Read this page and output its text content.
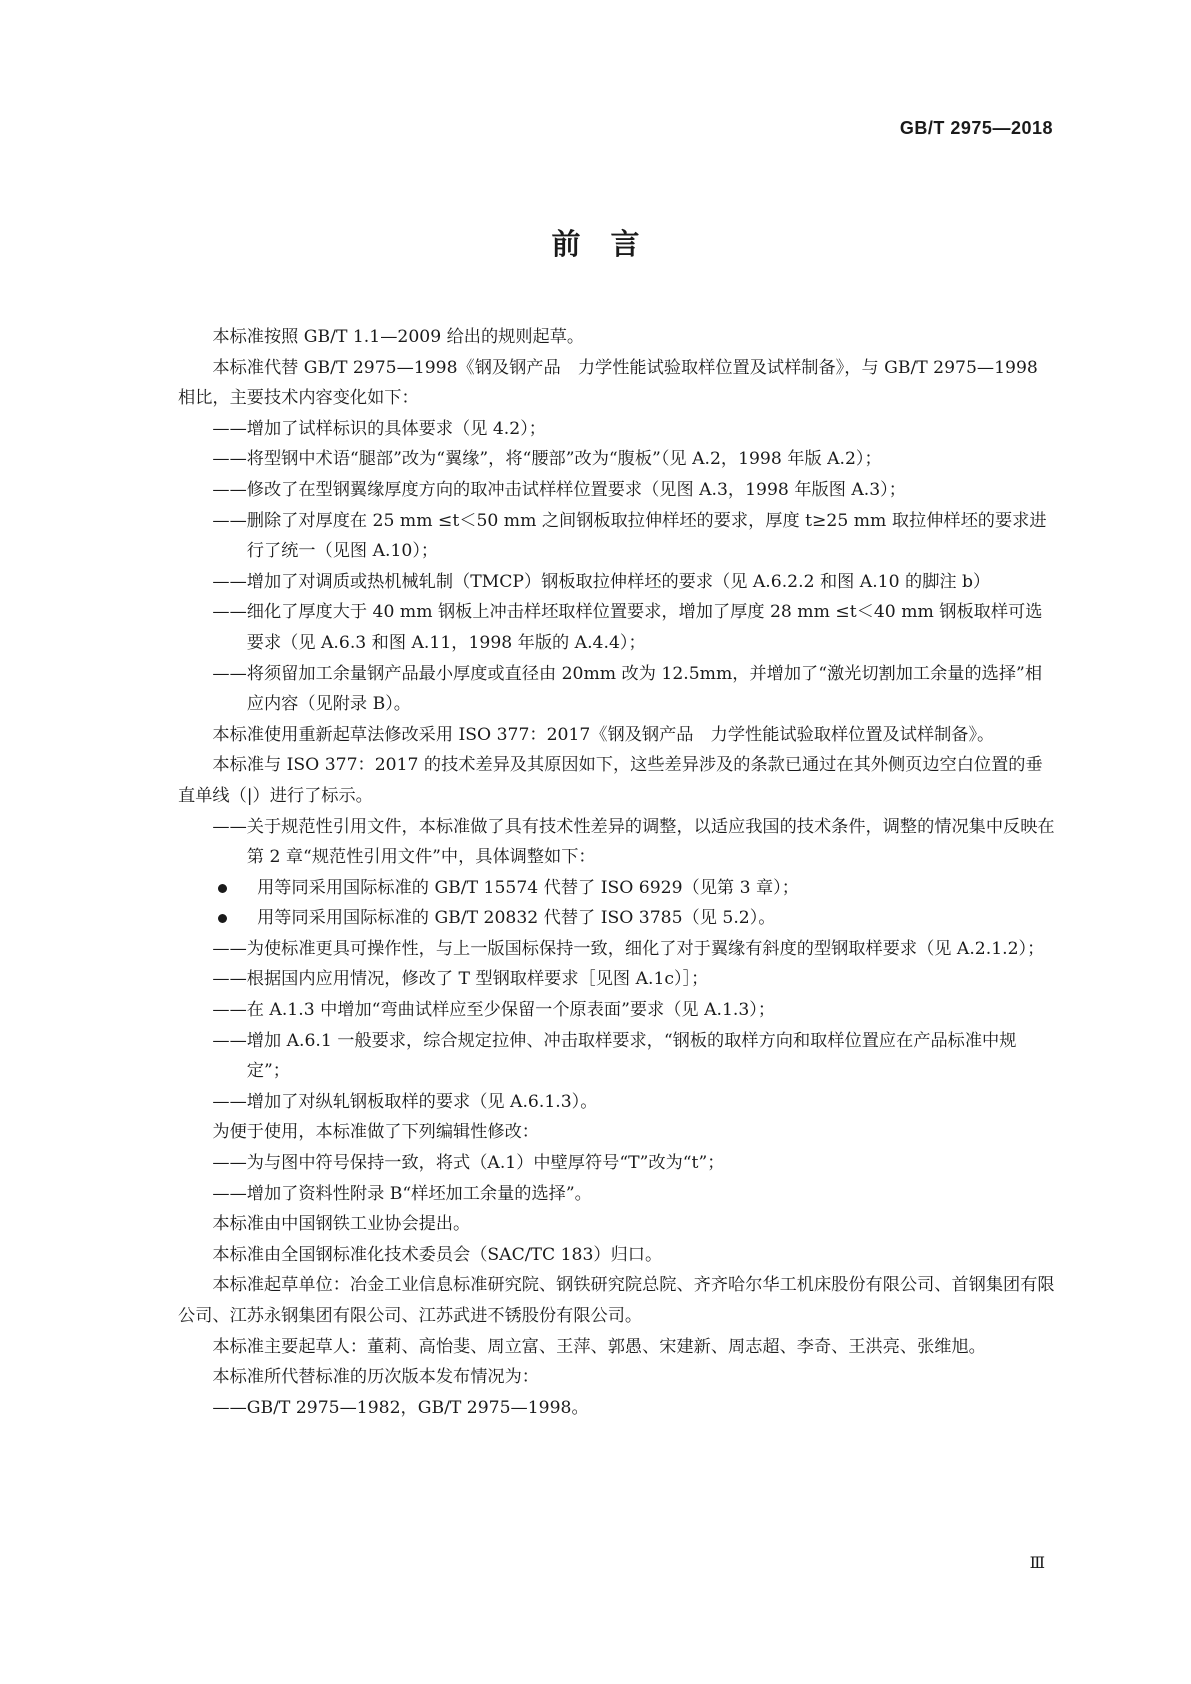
GB/T 2975—2018
前言

本标准按照 GB/T 1.1—2009 给出的规则起草。

本标准代替 GB/T 2975—1998《钢及钢产品　力学性能试验取样位置及试样制备》，与 GB/T 2975—1998 相比，主要技术内容变化如下：

——增加了试样标识的具体要求（见 4.2）；

——将型钢中术语“腿部”改为“翼缘”，将“腰部”改为“腹板”（见 A.2，1998 年版 A.2）；

——修改了在型钢翼缘厚度方向的取冲击试样样位置要求（见图 A.3，1998 年版图 A.3）；

——删除了对厚度在 25 mm ≤t＜50 mm 之间钢板取拉伸样坯的要求，厚度 t≥25 mm 取拉伸样坯的要求进行了统一（见图 A.10）；

——增加了对调质或热机械轧制（TMCP）钢板取拉伸样坯的要求（见 A.6.2.2 和图 A.10 的脚注 b）

——细化了厚度大于 40 mm 钢板上冲击样坯取样位置要求，增加了厚度 28 mm ≤t＜40 mm 钢板取样可选要求（见 A.6.3 和图 A.11，1998 年版的 A.4.4）；

——将须留加工余量钢产品最小厚度或直径由 20mm 改为 12.5mm，并增加了“激光切割加工余量的选择”相应内容（见附录 B）。

本标准使用重新起草法修改采用 ISO 377：2017《钢及钢产品　力学性能试验取样位置及试样制备》。

本标准与 ISO 377：2017 的技术差异及其原因如下，这些差异涉及的条款已通过在其外侧页边空白位置的垂直单线（|）进行了标示。

——关于规范性引用文件，本标准做了具有技术性差异的调整，以适应我国的技术条件，调整的情况集中反映在第 2 章“规范性引用文件”中，具体调整如下：

用等同采用国际标准的 GB/T 15574 代替了 ISO 6929（见第 3 章）；

用等同采用国际标准的 GB/T 20832 代替了 ISO 3785（见 5.2）。

——为使标准更具可操作性，与上一版国标保持一致，细化了对于翼缘有斜度的型钢取样要求（见 A.2.1.2）；

——根据国内应用情况，修改了 T 型钢取样要求［见图 A.1c）］；

——在 A.1.3 中增加“弯曲试样应至少保留一个原表面”要求（见 A.1.3）；

——增加 A.6.1 一般要求，综合规定拉伸、冲击取样要求，“钢板的取样方向和取样位置应在产品标准中规定”；

——增加了对纵轧钢板取样的要求（见 A.6.1.3）。

为便于使用，本标准做了下列编辑性修改：

——为与图中符号保持一致，将式（A.1）中壁厚符号“T”改为“t”；

——增加了资料性附录 B“样坯加工余量的选择”。

本标准由中国钢铁工业协会提出。

本标准由全国钢标准化技术委员会（SAC/TC 183）归口。

本标准起草单位：冶金工业信息标准研究院、钢铁研究院总院、齐齐哈尔华工机床股份有限公司、首钢集团有限公司、江苏永钢集团有限公司、江苏武进不锈股份有限公司。

本标准主要起草人：董莉、高怡斐、周立富、王萍、郭愚、宋建新、周志超、李奇、王洪亮、张维旭。

本标准所代替标准的历次版本发布情况为：

——GB/T 2975—1982，GB/T 2975—1998。

Ⅲ
